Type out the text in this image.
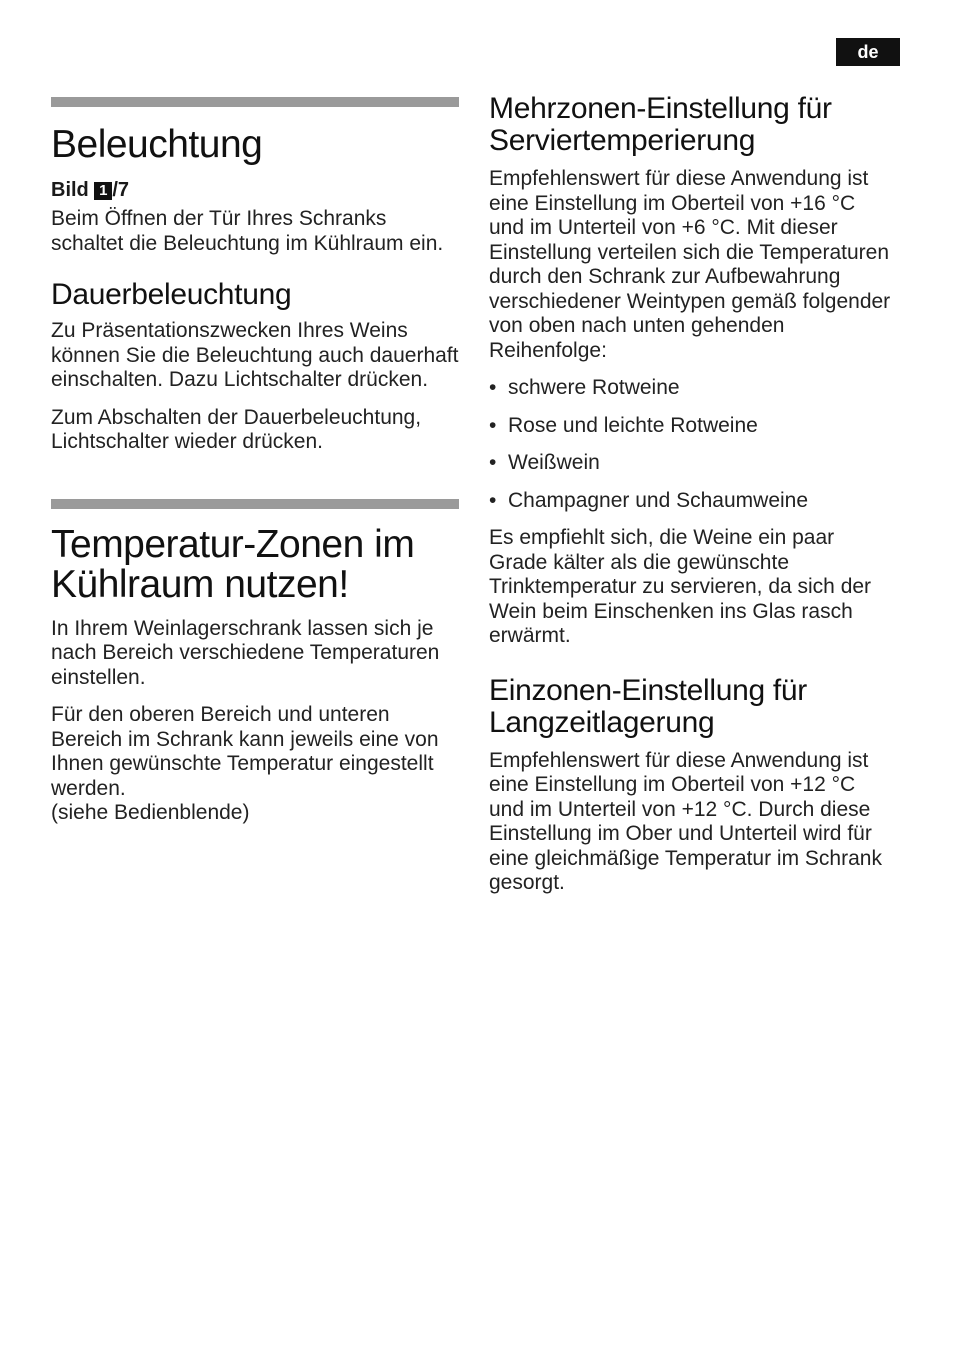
de
Beleuchtung
Bild 1 /7

Beim Öffnen der Tür Ihres Schranks schaltet die Beleuchtung im Kühlraum ein.

Dauerbeleuchtung

Zu Präsentationszwecken Ihres Weins können Sie die Beleuchtung auch dauerhaft einschalten. Dazu Lichtschalter drücken.

Zum Abschalten der Dauerbeleuchtung, Lichtschalter wieder drücken.

Temperatur-Zonen im
Kühlraum nutzen!

In Ihrem Weinlagerschrank lassen sich je nach Bereich verschiedene Temperaturen einstellen.

Für den oberen Bereich und unteren Bereich im Schrank kann jeweils eine von Ihnen gewünschte Temperatur eingestellt werden.

(siehe Bedienblende)

Mehrzonen-Einstellung für
Serviertemperierung

Empfehlenswert für diese Anwendung ist eine Einstellung im Oberteil von +16 °C und im Unterteil von +6 °C. Mit dieser Einstellung verteilen sich die Temperaturen durch den Schrank zur Aufbewahrung verschiedener Weintypen gemäß folgender von oben nach unten gehenden Reihenfolge:

• schwere Rotweine
• Rose und leichte Rotweine
• Weißwein
• Champagner und Schaumweine

Es empfiehlt sich, die Weine ein paar Grade kälter als die gewünschte Trinktemperatur zu servieren, da sich der Wein beim Einschenken ins Glas rasch erwärmt.

Einzonen-Einstellung für
Langzeitlagerung

Empfehlenswert für diese Anwendung ist eine Einstellung im Oberteil von +12 °C und im Unterteil von +12 °C. Durch diese Einstellung im Ober und Unterteil wird für eine gleichmäßige Temperatur im Schrank gesorgt.
